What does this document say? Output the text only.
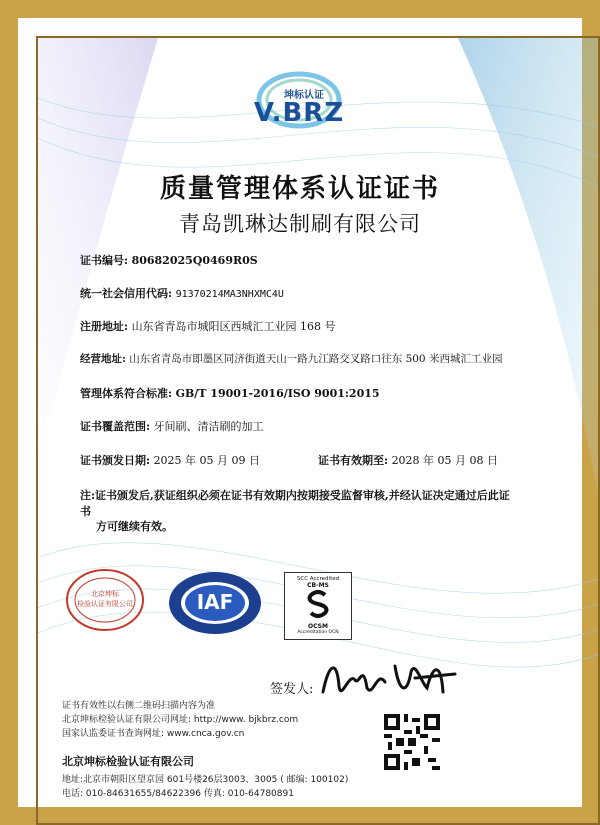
坤标认证
V.BRZ
质量管理体系认证证书
青岛凯琳达制刷有限公司
证书编号: 80682025Q0469R0S
统一社会信用代码: 91370214MA3NHXMC4U
注册地址: 山东省青岛市城阳区西城汇工业园 168 号
经营地址: 山东省青岛市即墨区同济街道天山一路九江路交叉路口往东 500 米西城汇工业园
管理体系符合标准: GB/T 19001-2016/ISO 9001:2015
证书覆盖范围: 牙间刷、清洁刷的加工
证书颁发日期: 2025 年 05 月 09 日	证书有效期至: 2028 年 05 月 08 日
注:证书颁发后,获证组织必须在证书有效期内按期接受监督审核,并经认证决定通过后此证书
方可继续有效。
北京坤标
检验认证有限公司	IAF
SCC Accredited
CB-MS
OCSM
Accreditation OCN
签发人:
证书有效性以右侧二维码扫描内容为准
北京坤标检验认证有限公司网址: http://www. bjkbrz.com
国家认监委证书查询网址: www.cnca.gov.cn
北京坤标检验认证有限公司
地址:北京市朝阳区望京园 601号楼26层3003、3005 ( 邮编: 100102)
电话: 010-84631655/84622396 传真: 010-64780891
